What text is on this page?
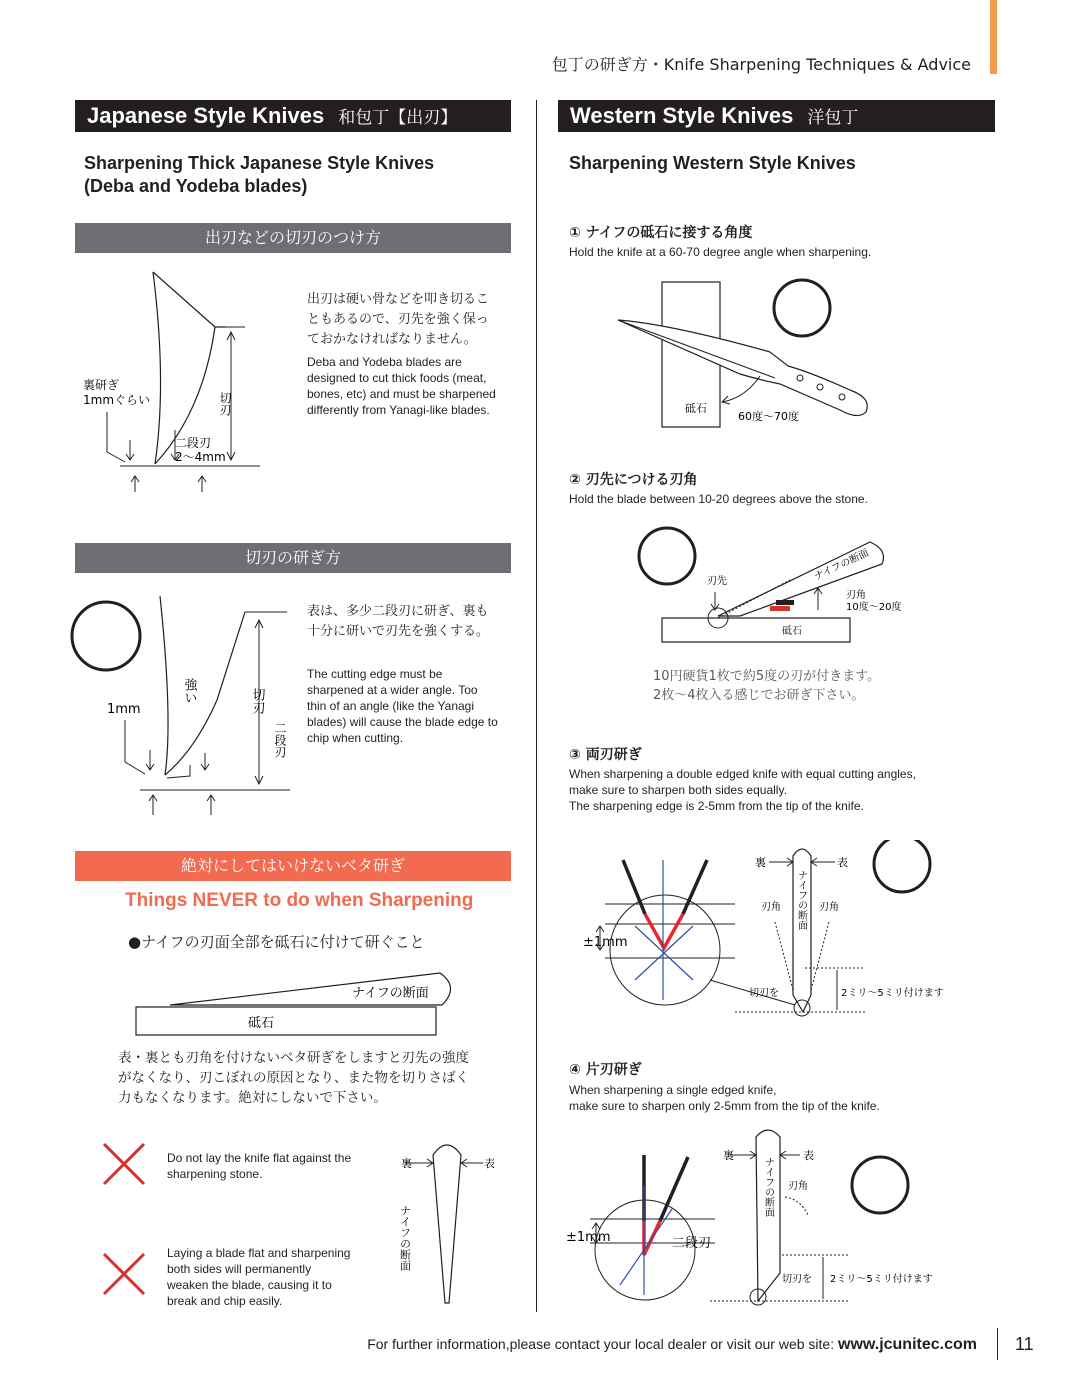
包丁の研ぎ方・Knife Sharpening Techniques & Advice
Japanese Style Knives 和包丁【出刃】
Sharpening Thick Japanese Style Knives
(Deba and Yodeba blades)
出刃などの切刃のつけ方
裏研ぎ
1mmぐらい	切刃
二段刃
2〜4mm
出刃は硬い骨などを叩き切るこ
ともあるので、刃先を強く保っ
ておかなければなりません。
Deba and Yodeba blades are
designed to cut thick foods (meat,
bones, etc) and must be sharpened
differently from Yanagi-like blades.
切刃の研ぎ方
1mm
強い	切刃
二段刃
表は、多少二段刃に研ぎ、裏も
十分に研いで刃先を強くする。
The cutting edge must be
sharpened at a wider angle. Too
thin of an angle (like the Yanagi
blades) will cause the blade edge to
chip when cutting.
絶対にしてはいけないベタ研ぎ
Things NEVER to do when Sharpening
●ナイフの刃面全部を砥石に付けて研ぐこと
ナイフの断面
砥石
表・裏とも刃角を付けないベタ研ぎをしますと刃先の強度
がなくなり、刃こぼれの原因となり、また物を切りさばく
力もなくなります。絶対にしないで下さい。
Do not lay the knife flat against the
sharpening stone.
Laying a blade flat and sharpening
both sides will permanently
weaken the blade, causing it to
break and chip easily.
裏	表
ナイフの断面
Western Style Knives 洋包丁
Sharpening Western Style Knives
① ナイフの砥石に接する角度
Hold the knife at a 60-70 degree angle when sharpening.
砥石
60度〜70度
② 刃先につける刃角
Hold the blade between 10-20 degrees above the stone.
刃先	ナイフの断面
刃角
10度〜20度
砥石
10円硬貨1枚で約5度の刃が付きます。
2枚〜4枚入る感じでお研ぎ下さい。
③ 両刃研ぎ
When sharpening a double edged knife with equal cutting angles,
make sure to sharpen both sides equally.
The sharpening edge is 2-5mm from the tip of the knife.
±1mm
裏	表
ナイフの断面
刃角	刃角
切刃を	2ミリ〜5ミリ付けます
④ 片刃研ぎ
When sharpening a single edged knife,
make sure to sharpen only 2-5mm from the tip of the knife.
±1mm	二段刃
裏	表
ナイフの断面 刃角
切刃を 2ミリ〜5ミリ付けます
For further information,please contact your local dealer or visit our web site: www.jcunitec.com 11
